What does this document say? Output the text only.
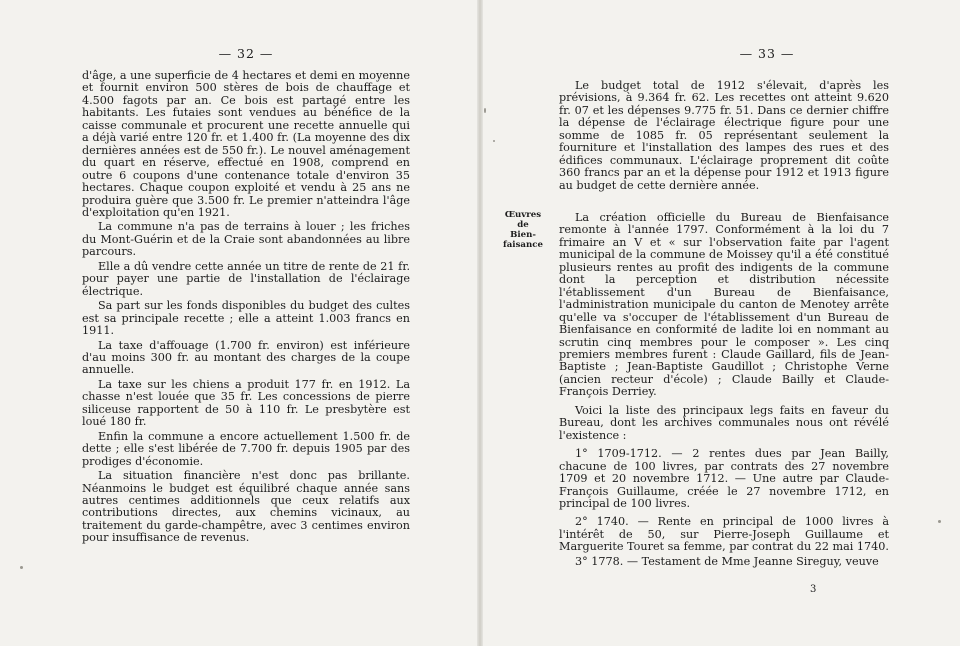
— 32 —

d'âge, a une superficie de 4 hectares et demi en moyenne et fournit environ 500 stères de bois de chauffage et 4.500 fagots par an. Ce bois est partagé entre les habitants. Les futaies sont vendues au bénéfice de la caisse communale et procurent une recette annuelle qui a déjà varié entre 120 fr. et 1.400 fr. (La moyenne des dix dernières années est de 550 fr.). Le nouvel aménagement du quart en réserve, effectué en 1908, comprend en outre 6 coupons d'une contenance totale d'environ 35 hectares. Chaque coupon exploité et vendu à 25 ans ne produira guère que 3.500 fr. Le premier n'atteindra l'âge d'exploitation qu'en 1921.

La commune n'a pas de terrains à louer ; les friches du Mont-Guérin et de la Craie sont abandonnées au libre parcours.

Elle a dû vendre cette année un titre de rente de 21 fr. pour payer une partie de l'installation de l'éclairage électrique.

Sa part sur les fonds disponibles du budget des cultes est sa principale recette ; elle a atteint 1.003 francs en 1911.

La taxe d'affouage (1.700 fr. environ) est inférieure d'au moins 300 fr. au montant des charges de la coupe annuelle.

La taxe sur les chiens a produit 177 fr. en 1912. La chasse n'est louée que 35 fr. Les concessions de pierre siliceuse rapportent de 50 à 110 fr. Le presbytère est loué 180 fr.

Enfin la commune a encore actuellement 1.500 fr. de dette ; elle s'est libérée de 7.700 fr. depuis 1905 par des prodiges d'économie.

La situation financière n'est donc pas brillante. Néanmoins le budget est équilibré chaque année sans autres centimes additionnels que ceux relatifs aux contributions directes, aux chemins vicinaux, au traitement du garde-champêtre, avec 3 centimes environ pour insuffisance de revenus.

— 33 —

Le budget total de 1912 s'élevait, d'après les prévisions, à 9.364 fr. 62. Les recettes ont atteint 9.620 fr. 07 et les dépenses 9.775 fr. 51. Dans ce dernier chiffre la dépense de l'éclairage électrique figure pour une somme de 1085 fr. 05 représentant seulement la fourniture et l'installation des lampes des rues et des édifices communaux. L'éclairage proprement dit coûte 360 francs par an et la dépense pour 1912 et 1913 figure au budget de cette dernière année.

Œuvres
de
Bien-
faisance

La création officielle du Bureau de Bienfaisance remonte à l'année 1797. Conformément à la loi du 7 frimaire an V et « sur l'observation faite par l'agent municipal de la commune de Moissey qu'il a été constitué plusieurs rentes au profit des indigents de la commune dont la perception et distribution nécessite l'établissement d'un Bureau de Bienfaisance, l'administration municipale du canton de Menotey arrête qu'elle va s'occuper de l'établissement d'un Bureau de Bienfaisance en conformité de ladite loi en nommant au scrutin cinq membres pour le composer ». Les cinq premiers membres furent : Claude Gaillard, fils de Jean-Baptiste ; Jean-Baptiste Gaudillot ; Christophe Verne (ancien recteur d'école) ; Claude Bailly et Claude-François Derriey.

Voici la liste des principaux legs faits en faveur du Bureau, dont les archives communales nous ont révélé l'existence :

1° 1709-1712. — 2 rentes dues par Jean Bailly, chacune de 100 livres, par contrats des 27 novembre 1709 et 20 novembre 1712. — Une autre par Claude-François Guillaume, créée le 27 novembre 1712, en principal de 100 livres.

2° 1740. — Rente en principal de 1000 livres à l'intérêt de 50, sur Pierre-Joseph Guillaume et Marguerite Touret sa femme, par contrat du 22 mai 1740.

3° 1778. — Testament de Mme Jeanne Sireguy, veuve

3
